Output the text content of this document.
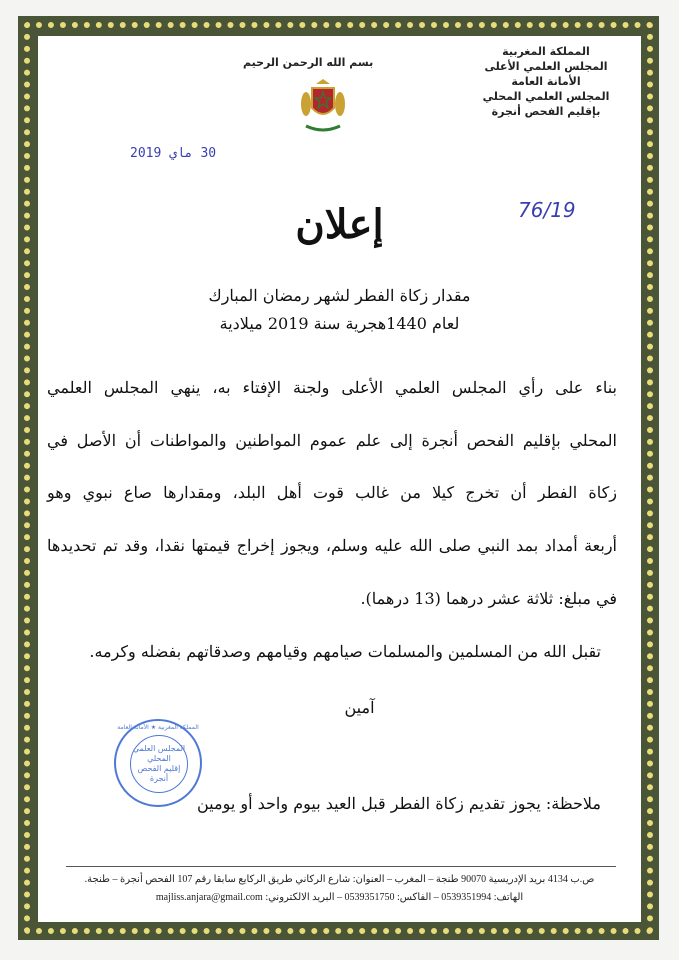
المملكة المغربية
المجلس العلمي الأعلى
الأمانة العامة
المجلس العلمي المحلي
بإقليم الفحص أنجرة
بسم الله الرحمن الرحيم
30 ماي 2019
76/19
إعلان
مقدار زكاة الفطر لشهر رمضان المبارك
لعام 1440هجرية سنة 2019 ميلادية
بناء على رأي المجلس العلمي الأعلى ولجنة الإفتاء به، ينهي المجلس العلمي
المحلي بإقليم الفحص أنجرة إلى علم عموم المواطنين والمواطنات أن الأصل في
زكاة الفطر أن تخرج كيلا من غالب قوت أهل البلد، ومقدارها صاع نبوي وهو
أربعة أمداد بمد النبي صلى الله عليه وسلم، ويجوز إخراج قيمتها نقدا، وقد تم تحديدها
في مبلغ: ثلاثة عشر درهما (13 درهما).
تقبل الله من المسلمين والمسلمات صيامهم وقيامهم وصدقاتهم بفضله وكرمه.
آمين
المملكة المغربية ★ الأمانة العامة
المجلس العلمي
المحلي
إقليم الفحص
أنجرة
ملاحظة: يجوز تقديم زكاة الفطر قبل العيد بيوم واحد أو يومين
ص.ب 4134 بريد الإدريسية 90070 طنجة – المغرب – العنوان: شارع الركاني طريق الركايع سابقا رقم 107 الفحص أنجرة – طنجة.
الهاتف: 0539351994 – الفاكس: 0539351750 – البريد الالكتروني: majliss.anjara@gmail.com
